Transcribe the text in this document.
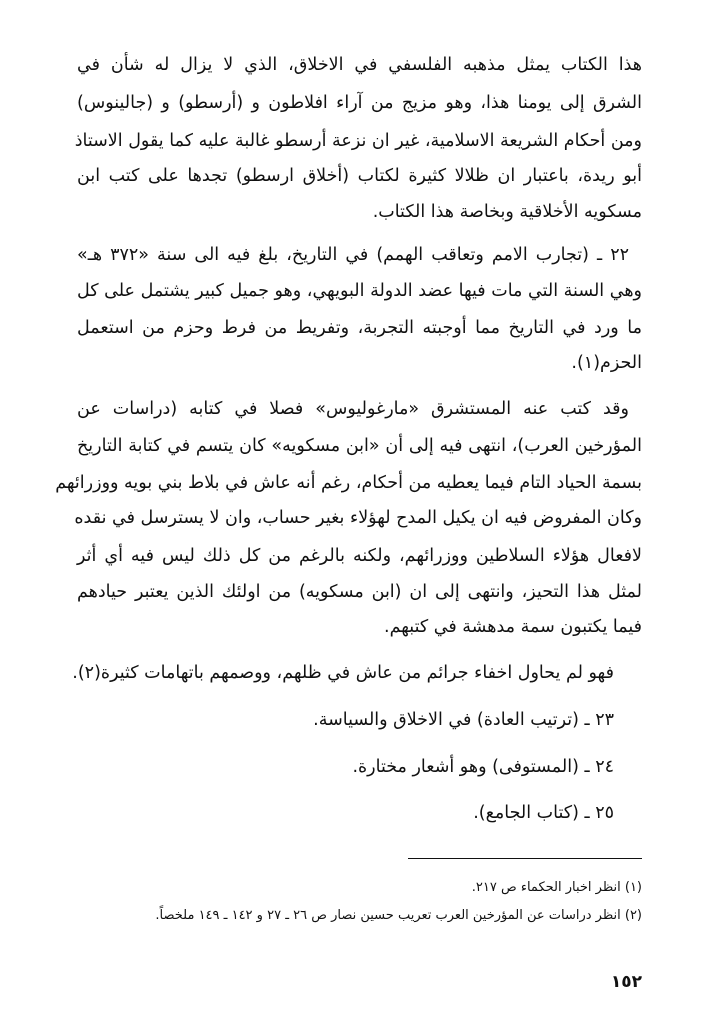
هذا الكتاب يمثل مذهبه الفلسفي في الاخلاق، الذي لا يزال له شأن في
الشرق إلى يومنا هذا، وهو مزيج من آراء افلاطون و (أرسطو) و (جالينوس)
ومن أحكام الشريعة الاسلامية، غير ان نزعة أرسطو غالبة عليه كما يقول الاستاذ
أبو ريدة، باعتبار ان ظلالا كثيرة لكتاب (أخلاق ارسطو) تجدها على كتب ابن
مسكويه الأخلاقية وبخاصة هذا الكتاب.
٢٢ ـ (تجارب الامم وتعاقب الهمم) في التاريخ، بلغ فيه الى سنة «٣٧٢ هـ»
وهي السنة التي مات فيها عضد الدولة البويهي، وهو جميل كبير يشتمل على كل
ما ورد في التاريخ مما أوجبته التجربة، وتفريط من فرط وحزم من استعمل
الحزم(١).
وقد كتب عنه المستشرق «مارغوليوس» فصلا في كتابه (دراسات عن
المؤرخين العرب)، انتهى فيه إلى أن «ابن مسكويه» كان يتسم في كتابة التاريخ
بسمة الحياد التام فيما يعطيه من أحكام، رغم أنه عاش في بلاط بني بويه ووزرائهم
وكان المفروض فيه ان يكيل المدح لهؤلاء بغير حساب، وان لا يسترسل في نقده
لافعال هؤلاء السلاطين ووزرائهم، ولكنه بالرغم من كل ذلك ليس فيه أي أثر
لمثل هذا التحيز، وانتهى إلى ان (ابن مسكويه) من اولئك الذين يعتبر حيادهم
فيما يكتبون سمة مدهشة في كتبهم.
فهو لم يحاول اخفاء جرائم من عاش في ظلهم، ووصمهم باتهامات كثيرة(٢).
٢٣ ـ (ترتيب العادة) في الاخلاق والسياسة.
٢٤ ـ (المستوفى) وهو أشعار مختارة.
٢٥ ـ (كتاب الجامع).
(١) انظر اخبار الحكماء ص ٢١٧.
(٢) انظر دراسات عن المؤرخين العرب تعريب حسين نصار ص ٢٦ ـ ٢٧ و ١٤٢ ـ ١٤٩ ملخصاً.
١٥٢
